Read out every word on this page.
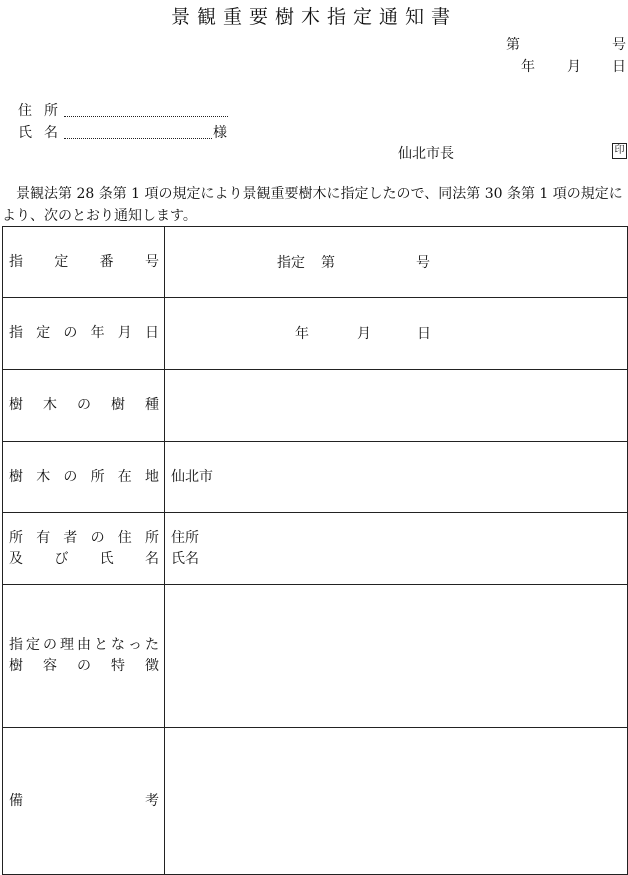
景観重要樹木指定通知書
第	号
年 月 日
住所
氏名	様
仙北市長	印
景観法第 28 条第 1 項の規定により景観重要樹木に指定したので、同法第 30 条第 1 項の規定により、次のとおり通知します。
指定番号	指定 第 号

指定の年月日	年 月 日

樹木の樹種	

樹木の所在地	仙北市

所有者の住所
及び氏名	住所
氏名

指定の理由となった
樹容の特徴	

備考	
